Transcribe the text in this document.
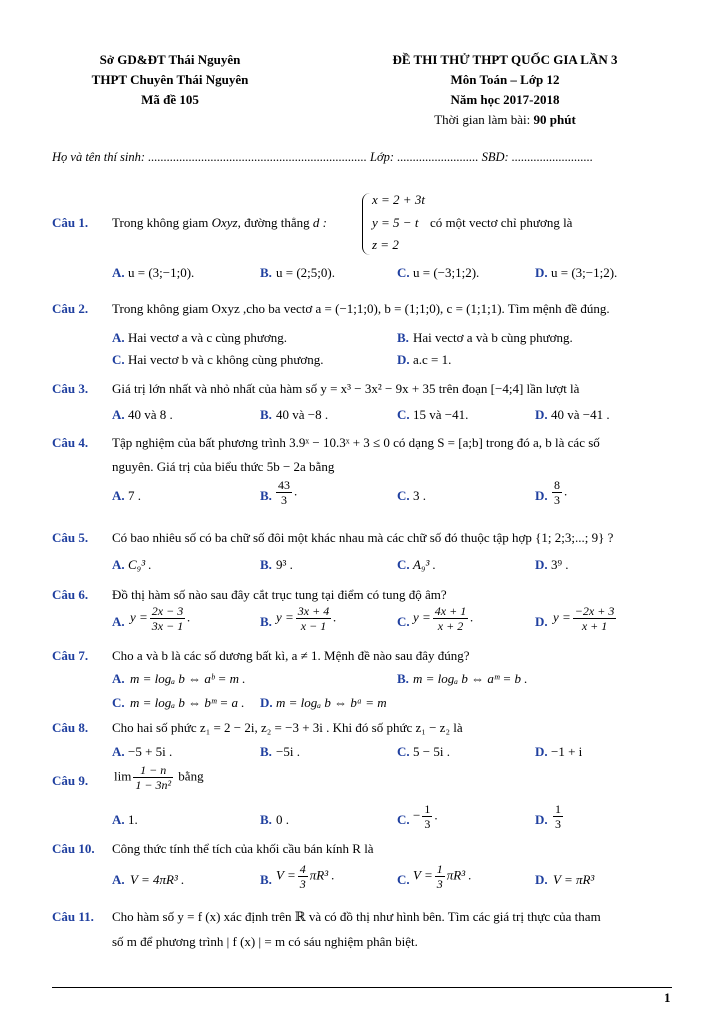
Sở GD&ĐT Thái Nguyên
THPT Chuyên Thái Nguyên
Mã đề 105
ĐỀ THI THỬ THPT QUỐC GIA LẦN 3
Môn Toán – Lớp 12
Năm học 2017-2018
Thời gian làm bài: 90 phút
Họ và tên thí sinh: ...................................................................... Lớp: .......................... SBD: ..........................
Câu 1. Trong không giam Oxyz, đường thẳng d :
x = 2 + 3t
y = 5 − t
z = 2
có một vectơ chỉ phương là
A. u = (3;−1;0).	B. u = (2;5;0).	C. u = (−3;1;2).	D. u = (3;−1;2).
Câu 2. Trong không giam Oxyz ,cho ba vectơ a = (−1;1;0), b = (1;1;0), c = (1;1;1). Tìm mệnh đề đúng.
A. Hai vectơ a và c cùng phương.	B. Hai vectơ a và b cùng phương.
C. Hai vectơ b và c không cùng phương.	D. a.c = 1.
Câu 3. Giá trị lớn nhất và nhỏ nhất của hàm số y = x³ − 3x² − 9x + 35 trên đoạn [−4;4] lần lượt là
A. 40 và 8 .	B. 40 và −8 .	C. 15 và −41.	D. 40 và −41 .
Câu 4. Tập nghiệm của bất phương trình 3.9ˣ − 10.3ˣ + 3 ≤ 0 có dạng S = [a;b] trong đó a, b là các số
nguyên. Giá trị của biểu thức 5b − 2a bằng
A. 7 .	B. $\frac{43}{3}$ .	C. 3 .	D. $\frac{8}{3}$ .
Câu 5. Có bao nhiêu số có ba chữ số đôi một khác nhau mà các chữ số đó thuộc tập hợp {1; 2;3;...; 9} ?
A. C₉³ .	B. 9³ .	C. A₉³ .	D. 3⁹ .
Câu 6. Đồ thị hàm số nào sau đây cắt trục tung tại điểm có tung độ âm?
A. $y = \frac{2x - 3}{3x - 1}$ .	B. $y = \frac{3x + 4}{x - 1}$ .	C. $y = \frac{4x + 1}{x + 2}$ .	D. $y = \frac{-2x + 3}{x + 1}$
Câu 7. Cho a và b là các số dương bất kì, a ≠ 1. Mệnh đề nào sau đây đúng?
A. m = logₐ b ⇔ aᵇ = m .	B. m = logₐ b ⇔ aᵐ = b .
C. m = logₐ b ⇔ bᵐ = a . D. m = logₐ b ⇔ bᵃ = m
Câu 8. Cho hai số phức z₁ = 2 − 2i, z₂ = −3 + 3i . Khi đó số phức z₁ − z₂ là
A. −5 + 5i .	B. −5i .	C. 5 − 5i .	D. −1 + i
Câu 9. $\lim \frac{1 - n}{\text{1 − 3n²}}$ bằng
A. 1.	B. 0 .	C. − $\frac{1}{3}$ .	D. $\frac{1}{3}$
Câu 10. Công thức tính thể tích của khối cầu bán kính R là
A. V = 4πR³ .	B. $V = \frac{4}{3} \pi R^3$ .	C. $V = \frac{1}{3} \pi R^3$ .	D. V = πR³
Câu 11. Cho hàm số y = f (x) xác định trên ℝ và có đồ thị như hình bên. Tìm các giá trị thực của tham
số m để phương trình | f (x) | = m có sáu nghiệm phân biệt.
1
